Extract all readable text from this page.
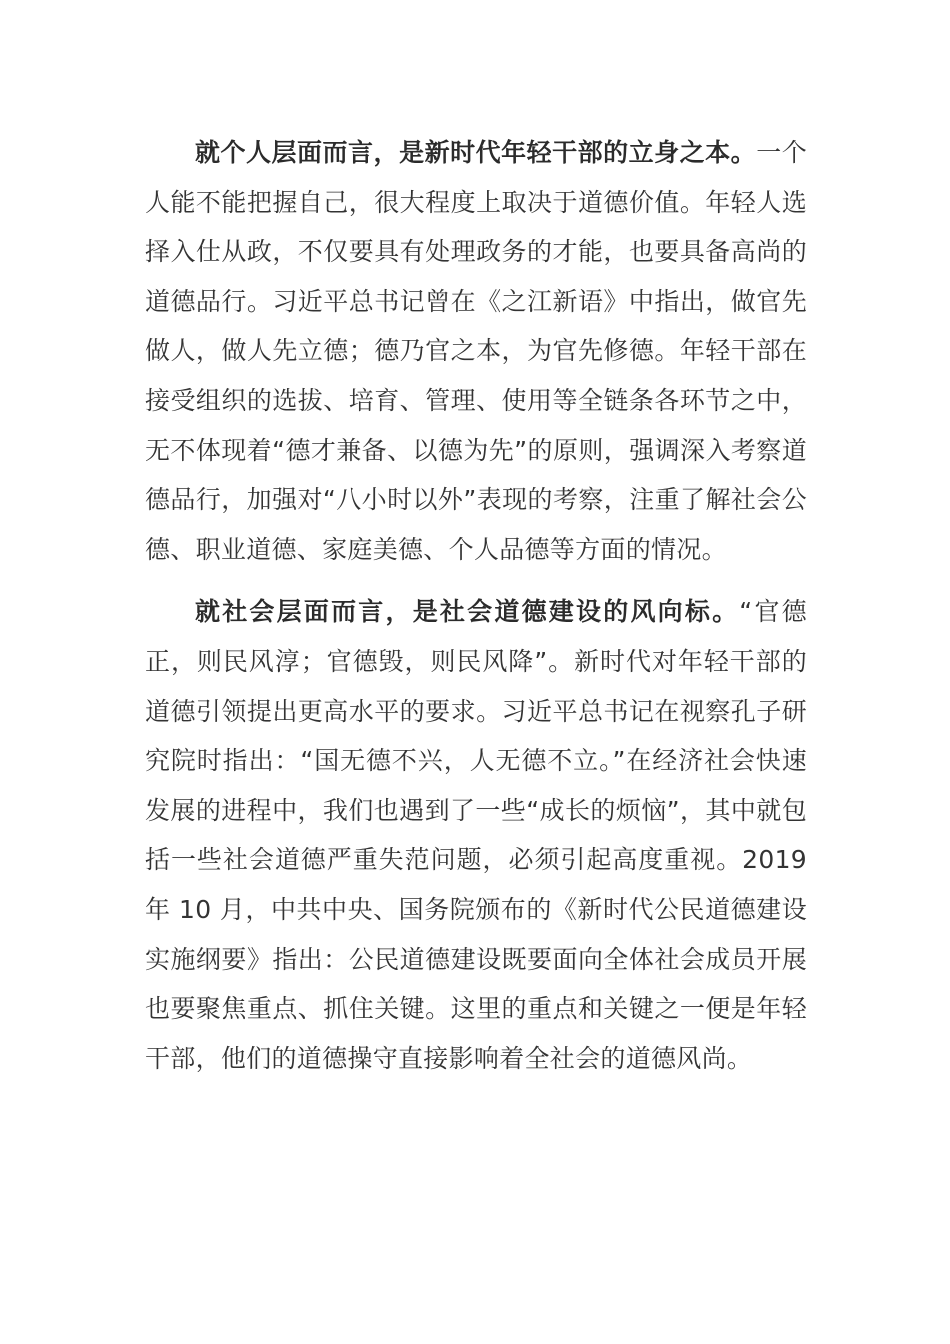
就个人层面而言，是新时代年轻干部的立身之本。一个人能不能把握自己，很大程度上取决于道德价值。年轻人选择入仕从政，不仅要具有处理政务的才能，也要具备高尚的道德品行。习近平总书记曾在《之江新语》中指出，做官先做人，做人先立德；德乃官之本，为官先修德。年轻干部在接受组织的选拔、培育、管理、使用等全链条各环节之中，无不体现着“德才兼备、以德为先”的原则，强调深入考察道德品行，加强对“八小时以外”表现的考察，注重了解社会公德、职业道德、家庭美德、个人品德等方面的情况。

就社会层面而言，是社会道德建设的风向标。“官德正，则民风淳；官德毁，则民风降”。新时代对年轻干部的道德引领提出更高水平的要求。习近平总书记在视察孔子研究院时指出：“国无德不兴，人无德不立。”在经济社会快速发展的进程中，我们也遇到了一些“成长的烦恼”，其中就包括一些社会道德严重失范问题，必须引起高度重视。2019 年 10 月，中共中央、国务院颁布的《新时代公民道德建设实施纲要》指出：公民道德建设既要面向全体社会成员开展也要聚焦重点、抓住关键。这里的重点和关键之一便是年轻干部，他们的道德操守直接影响着全社会的道德风尚。
